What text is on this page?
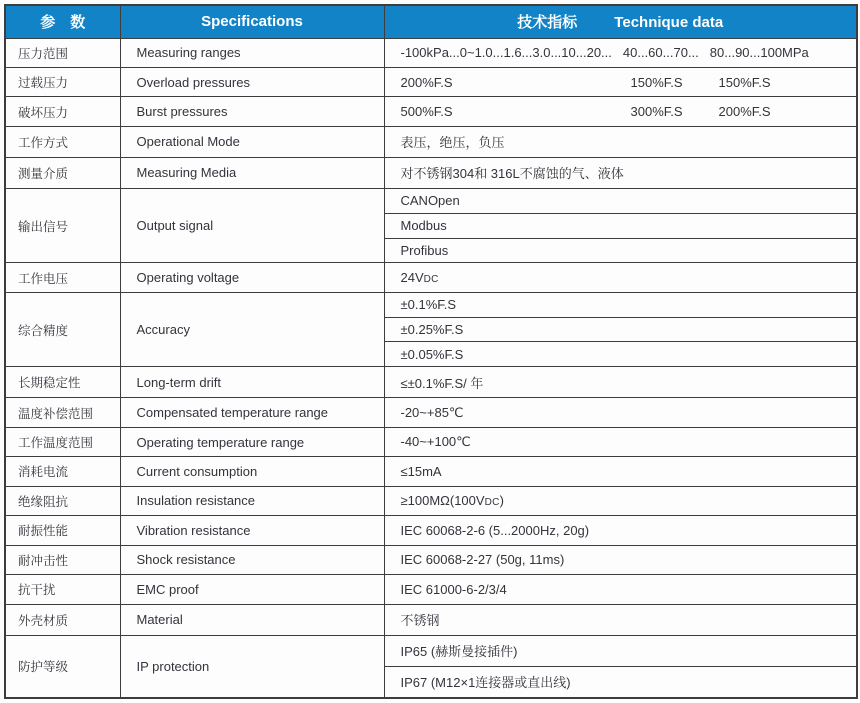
参　数	Specifications	技术指标 Technique data
压力范围	Measuring ranges	-100kPa...0~1.0...1.6...3.0...10...20... 40...60...70... 80...90...100MPa
过载压力	Overload pressures	200%F.S 150%F.S 150%F.S
破坏压力	Burst pressures	500%F.S 300%F.S 200%F.S
工作方式	Operational Mode	表压，绝压，负压
测量介质	Measuring Media	对不锈钢304和 316L不腐蚀的气、液体
输出信号	Output signal	CANOpen
		Modbus
		Profibus
工作电压	Operating voltage	24VDC
综合精度	Accuracy	±0.1%F.S
		±0.25%F.S
		±0.05%F.S
长期稳定性	Long-term drift	≤±0.1%F.S/ 年
温度补偿范围	Compensated temperature range	-20~+85℃
工作温度范围	Operating temperature range	-40~+100℃
消耗电流	Current consumption	≤15mA
绝缘阻抗	Insulation resistance	≥100MΩ(100VDC)
耐振性能	Vibration resistance	IEC 60068-2-6 (5...2000Hz, 20g)
耐冲击性	Shock resistance	IEC 60068-2-27 (50g, 11ms)
抗干扰	EMC proof	IEC 61000-6-2/3/4
外壳材质	Material	不锈钢
防护等级	IP protection	IP65 (赫斯曼接插件)
		IP67 (M12×1连接器或直出线)
